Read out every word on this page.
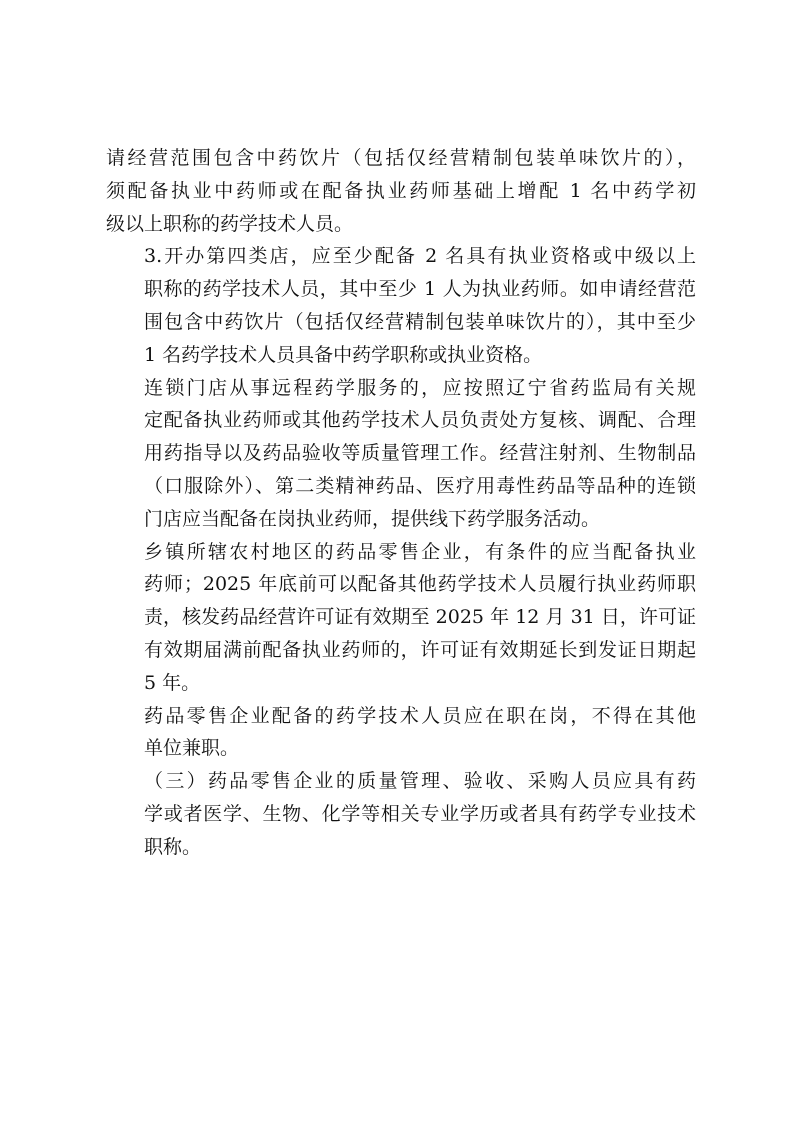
请经营范围包含中药饮片（包括仅经营精制包装单味饮片的），
须配备执业中药师或在配备执业药师基础上增配 1 名中药学初
级以上职称的药学技术人员。

3.开办第四类店，应至少配备 2 名具有执业资格或中级以上
职称的药学技术人员，其中至少 1 人为执业药师。如申请经营范
围包含中药饮片（包括仅经营精制包装单味饮片的），其中至少
1 名药学技术人员具备中药学职称或执业资格。

连锁门店从事远程药学服务的，应按照辽宁省药监局有关规
定配备执业药师或其他药学技术人员负责处方复核、调配、合理
用药指导以及药品验收等质量管理工作。经营注射剂、生物制品
（口服除外）、第二类精神药品、医疗用毒性药品等品种的连锁
门店应当配备在岗执业药师，提供线下药学服务活动。

乡镇所辖农村地区的药品零售企业，有条件的应当配备执业
药师；2025 年底前可以配备其他药学技术人员履行执业药师职
责，核发药品经营许可证有效期至 2025 年 12 月 31 日，许可证
有效期届满前配备执业药师的，许可证有效期延长到发证日期起
5 年。

药品零售企业配备的药学技术人员应在职在岗，不得在其他
单位兼职。

（三）药品零售企业的质量管理、验收、采购人员应具有药
学或者医学、生物、化学等相关专业学历或者具有药学专业技术
职称。
